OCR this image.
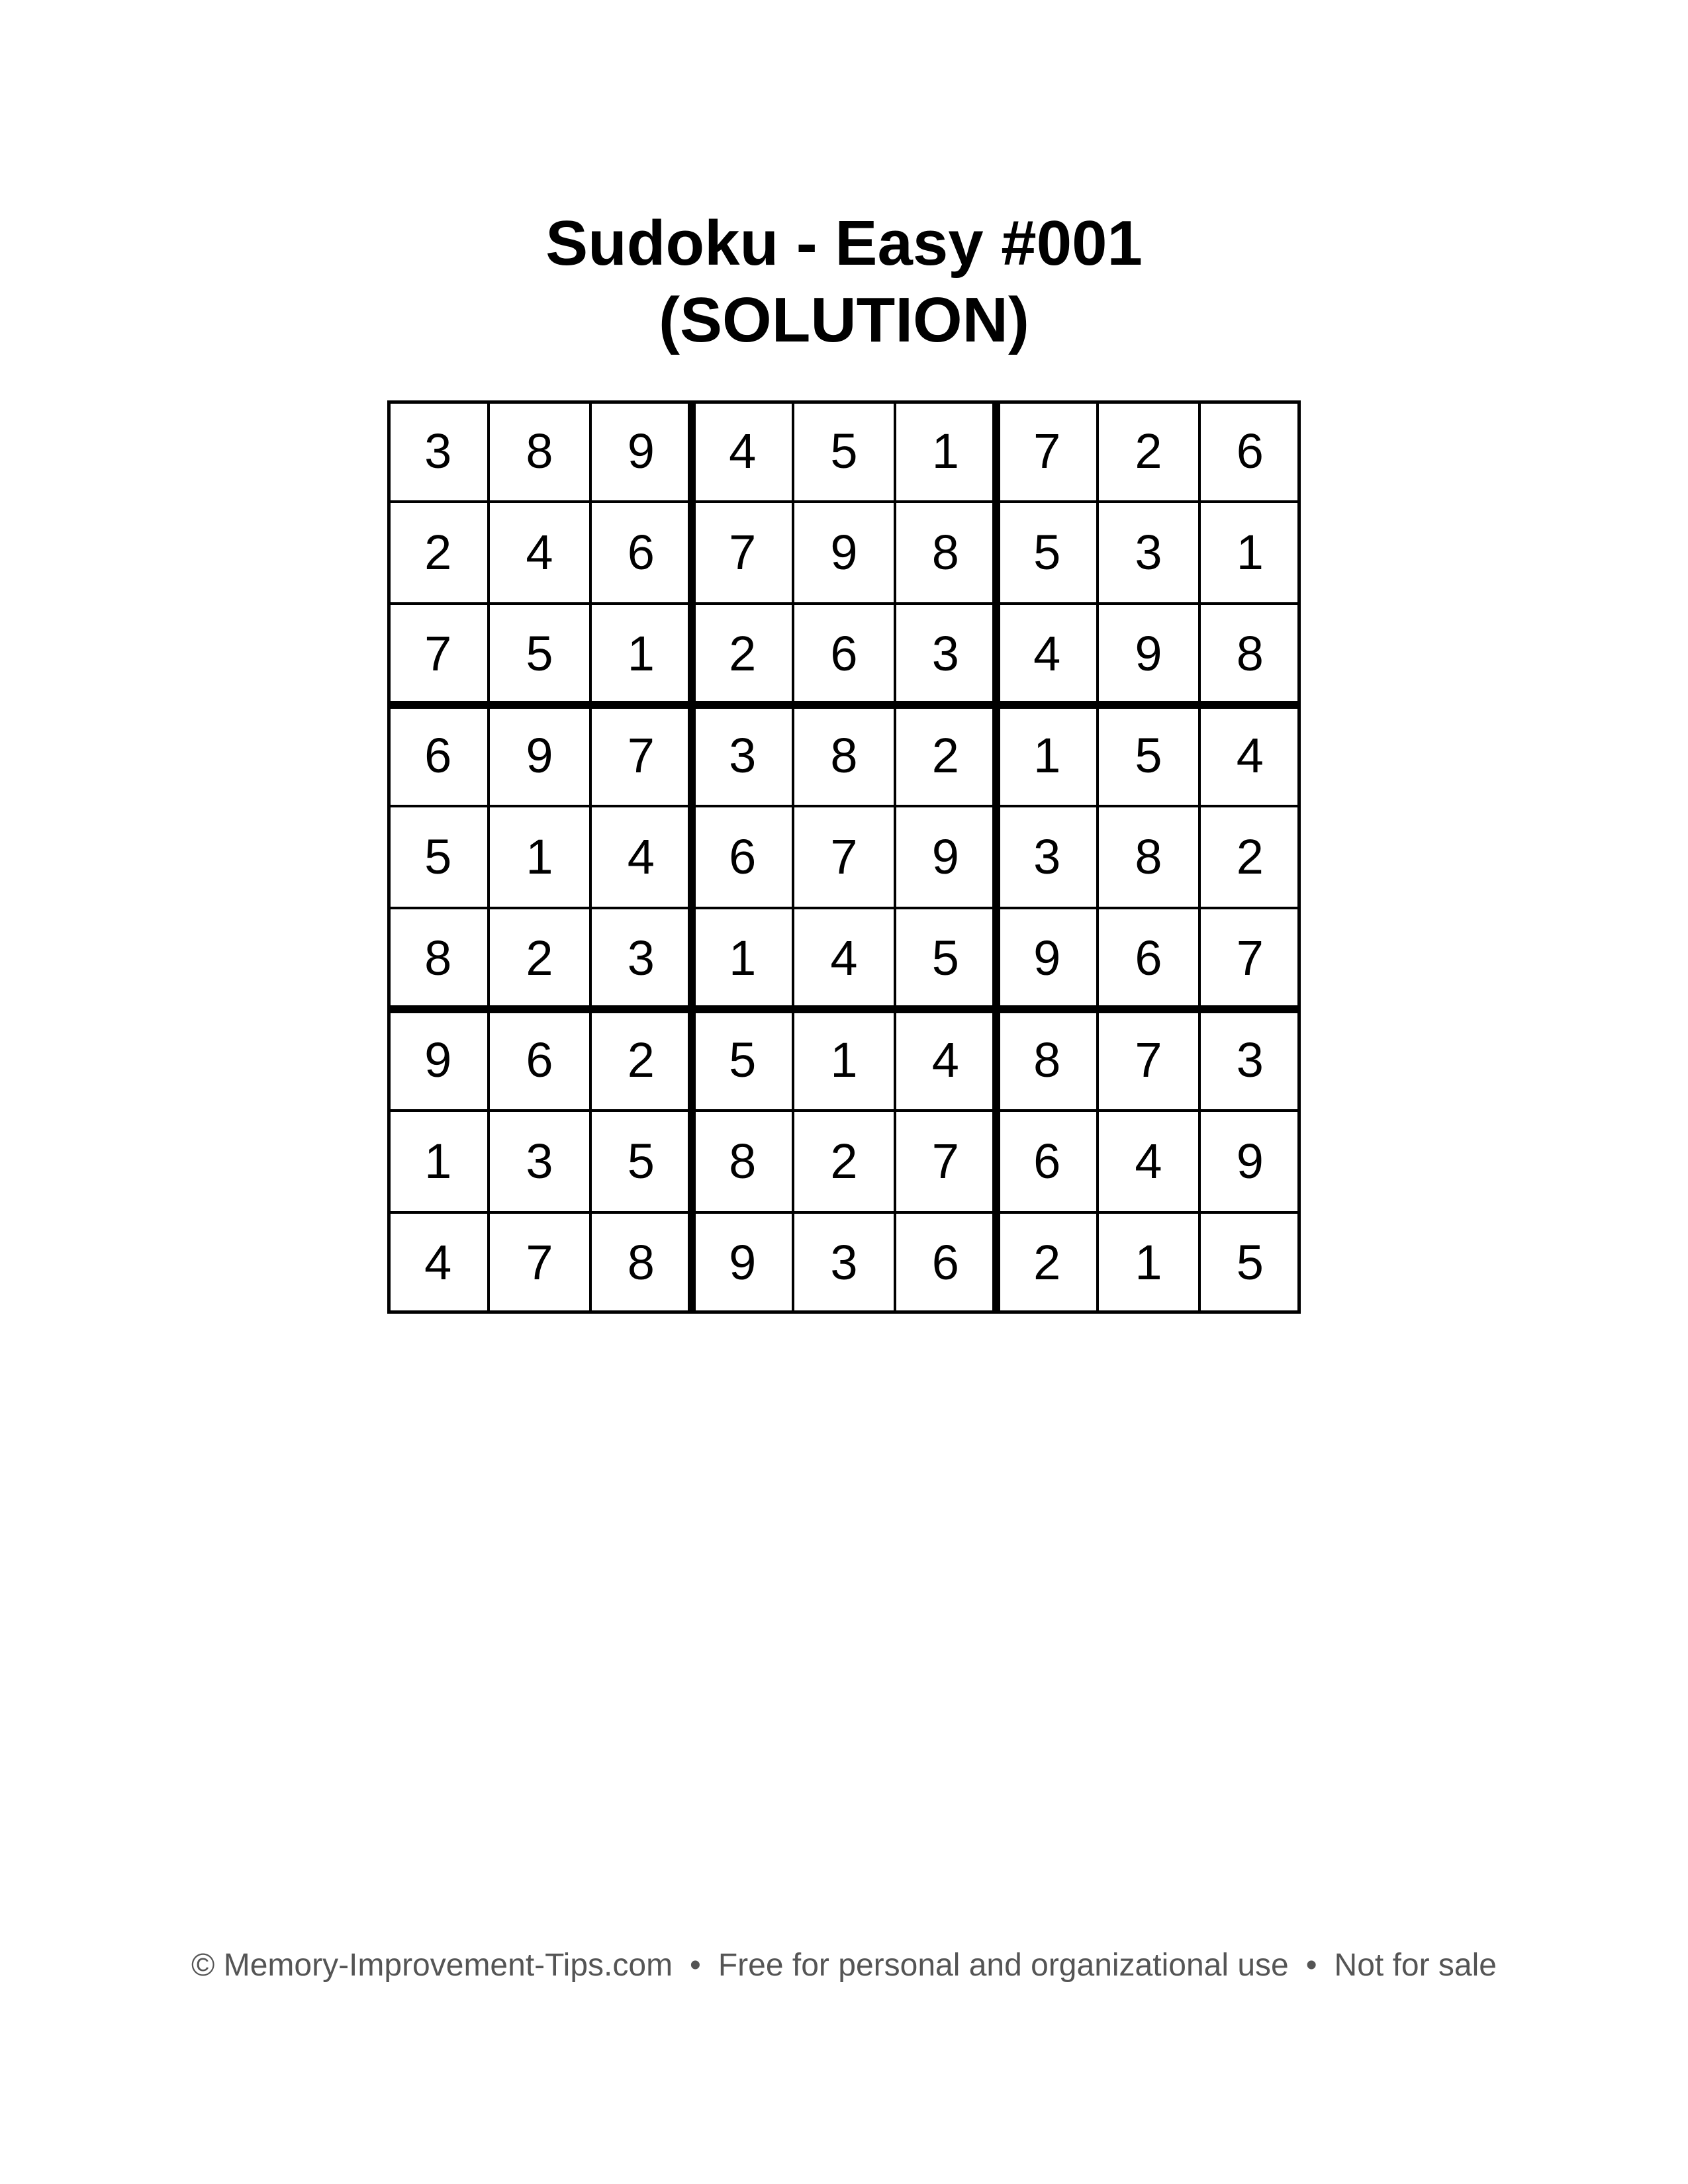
Sudoku - Easy #001
(SOLUTION)
3	8	9	4	5	1	7	2	6
2	4	6	7	9	8	5	3	1
7	5	1	2	6	3	4	9	8
6	9	7	3	8	2	1	5	4
5	1	4	6	7	9	3	8	2
8	2	3	1	4	5	9	6	7
9	6	2	5	1	4	8	7	3
1	3	5	8	2	7	6	4	9
4	7	8	9	3	6	2	1	5
© Memory-Improvement-Tips.com • Free for personal and organizational use • Not for sale
